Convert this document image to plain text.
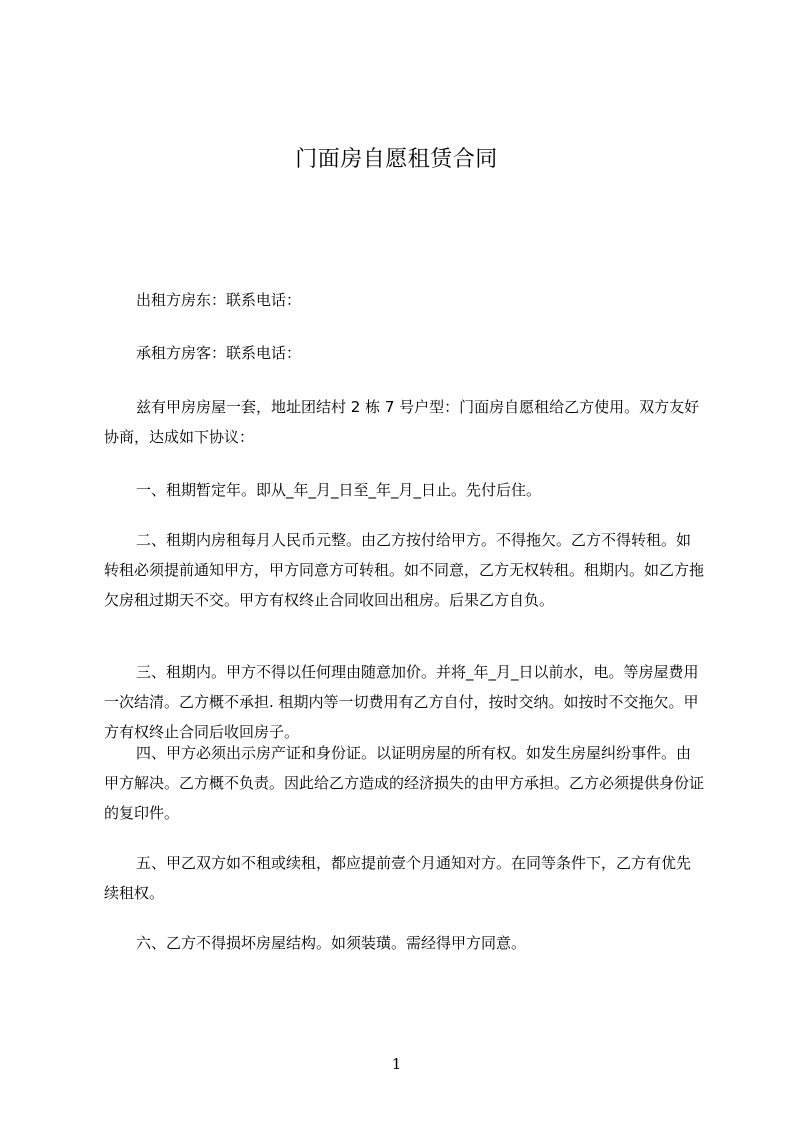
门面房自愿租赁合同

出租方房东：联系电话：

承租方房客：联系电话：

兹有甲房房屋一套，地址团结村 2 栋 7 号户型：门面房自愿租给乙方使用。双方友好协商，达成如下协议：

一、租期暂定年。即从_年_月_日至_年_月_日止。先付后住。

二、租期内房租每月人民币元整。由乙方按付给甲方。不得拖欠。乙方不得转租。如转租必须提前通知甲方，甲方同意方可转租。如不同意，乙方无权转租。租期内。如乙方拖欠房租过期天不交。甲方有权终止合同收回出租房。后果乙方自负。

三、租期内。甲方不得以任何理由随意加价。并将_年_月_日以前水，电。等房屋费用一次结清。乙方概不承担. 租期内等一切费用有乙方自付，按时交纳。如按时不交拖欠。甲方有权终止合同后收回房子。

四、甲方必须出示房产证和身份证。以证明房屋的所有权。如发生房屋纠纷事件。由甲方解决。乙方概不负责。因此给乙方造成的经济损失的由甲方承担。乙方必须提供身份证的复印件。

五、甲乙双方如不租或续租，都应提前壹个月通知对方。在同等条件下，乙方有优先续租权。

六、乙方不得损坏房屋结构。如须装璜。需经得甲方同意。

1
